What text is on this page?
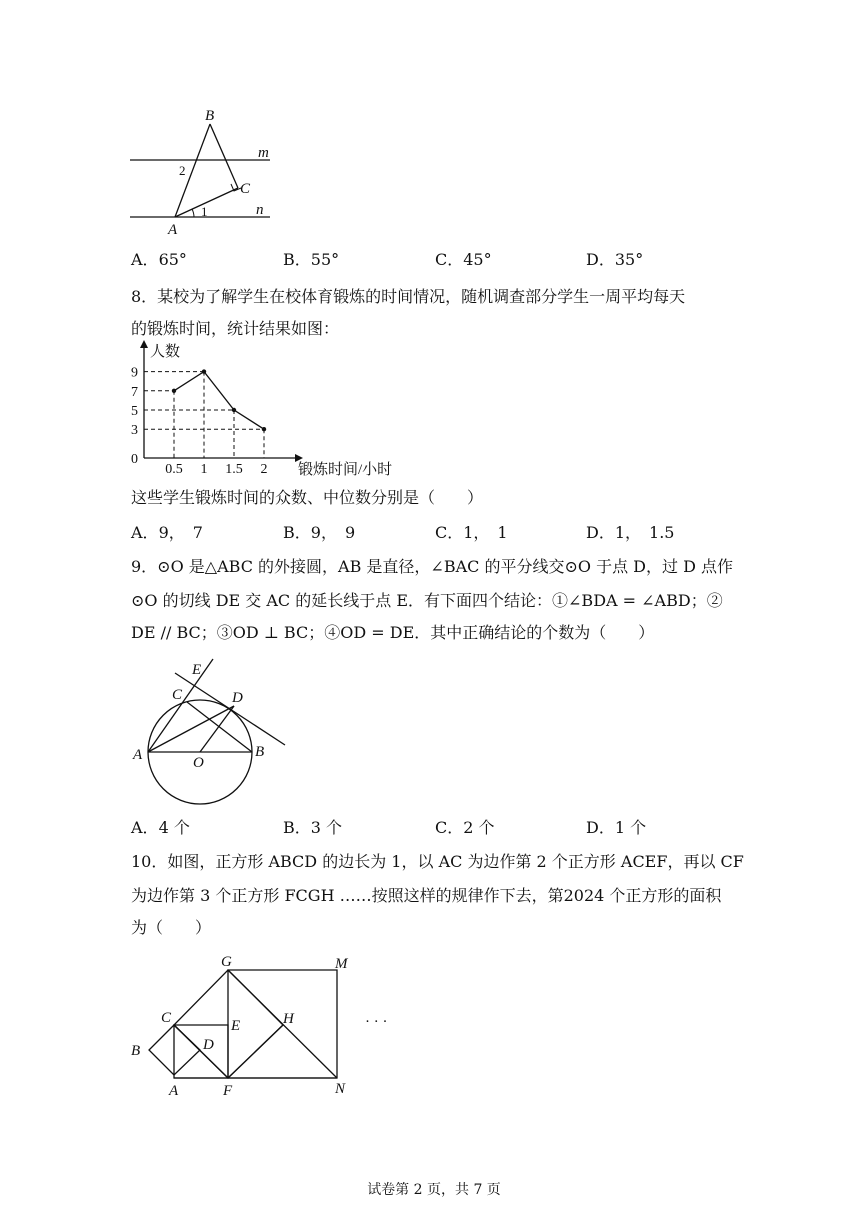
B
m
n
C
A
1
2
A．65°	B．55°	C．45°	D．35°
8．某校为了解学生在校体育锻炼的时间情况，随机调查部分学生一周平均每天
的锻炼时间，统计结果如图：
0.5 1 1.5 2
9
7
5
3
0
人数
锻炼时间/小时
这些学生锻炼时间的众数、中位数分别是（　　）
A．9，　7	B．9，　9	C．1，　1	D．1，　1.5
9．⊙O 是△ABC 的外接圆，AB 是直径，∠BAC 的平分线交⊙O 于点 D，过 D 点作
⊙O 的切线 DE 交 AC 的延长线于点 E．有下面四个结论：①∠BDA = ∠ABD；②
DE // BC；③OD ⊥ BC；④OD = DE．其中正确结论的个数为（　　）
E
C	D
A	O
B
A．4 个	B．3 个	C．2 个	D．1 个
10．如图，正方形 ABCD 的边长为 1，以 AC 为边作第 2 个正方形 ACEF，再以 CF
为边作第 3 个正方形 FCGH ……按照这样的规律作下去，第2024 个正方形的面积
为（　　）
G	M
C	E	H
B	D
A	F	N
· · ·
试卷第 2 页，共 7 页
